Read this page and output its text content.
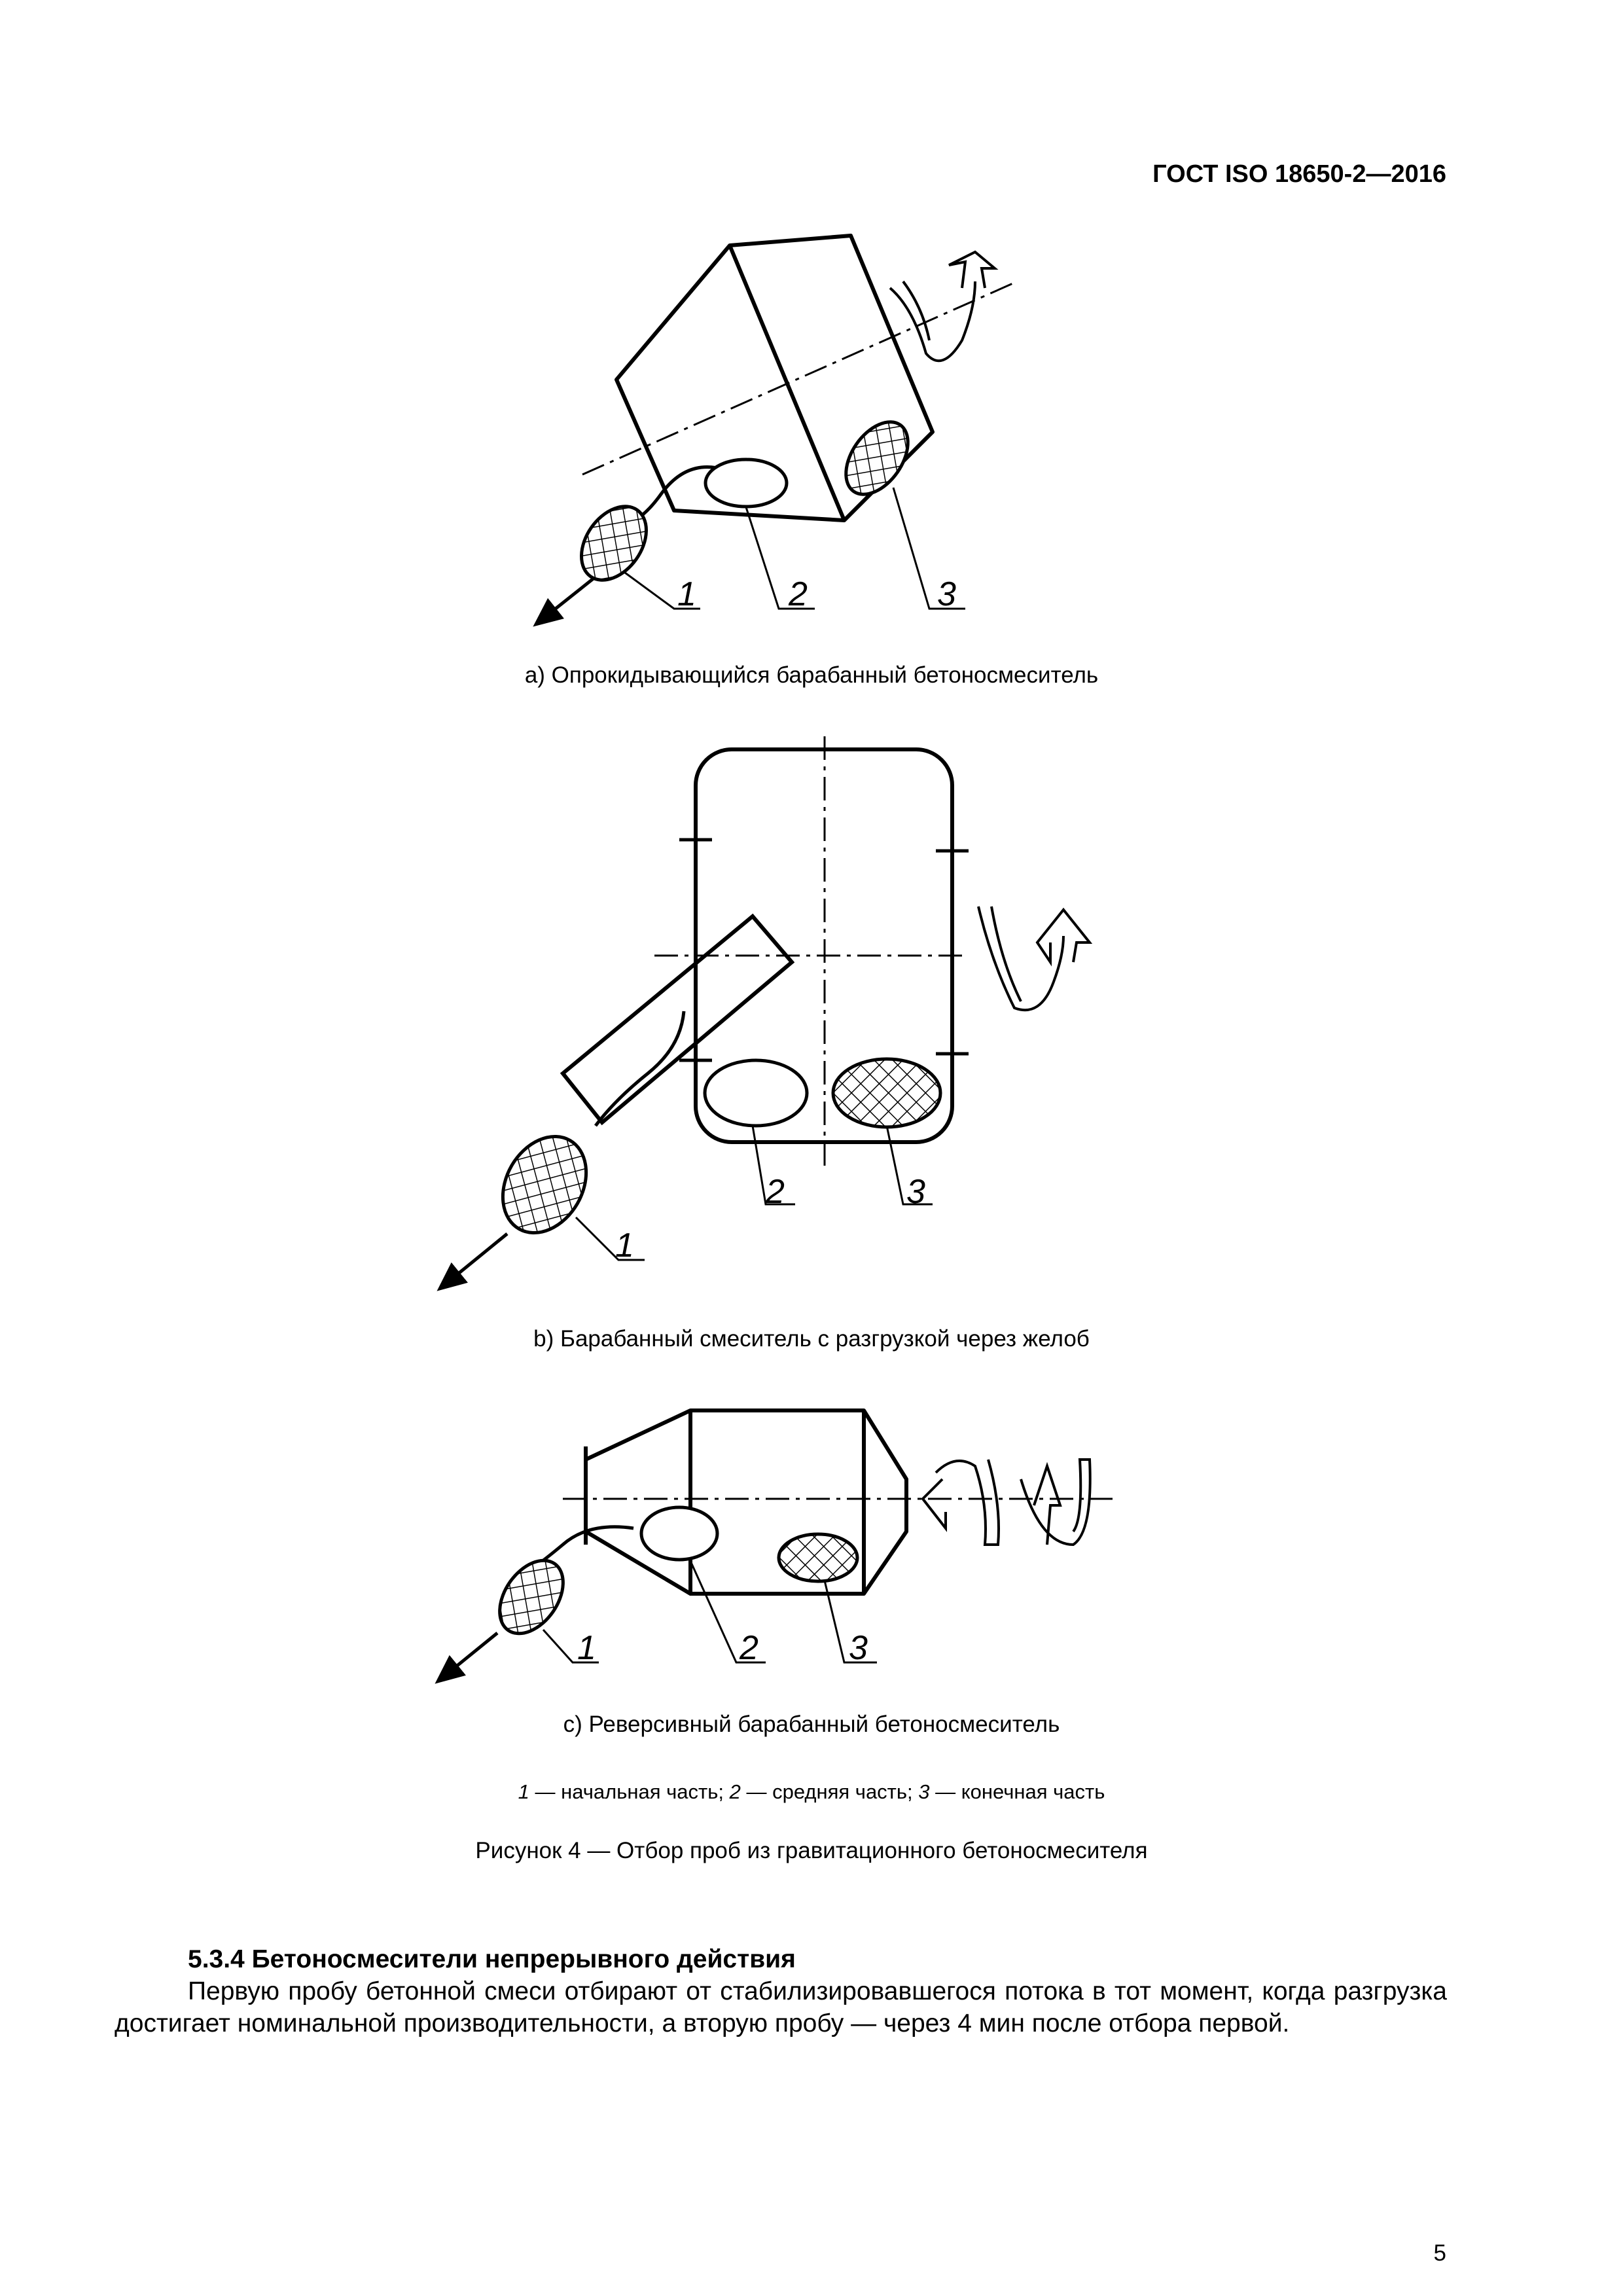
ГОСТ ISO 18650-2—2016
1	2	3
а) Опрокидывающийся барабанный бетоносмеситель
1
2	3
b) Барабанный смеситель с разгрузкой через желоб
1	2	3
с) Реверсивный барабанный бетоносмеситель
1 — начальная часть; 2 — средняя часть; 3 — конечная часть
Рисунок 4 — Отбор проб из гравитационного бетоносмесителя
5.3.4 Бетоносмесители непрерывного действия
Первую пробу бетонной смеси отбирают от стабилизировавшегося потока в тот момент, когда разгрузка достигает номинальной производительности, а вторую пробу — через 4 мин после отбора первой.
5
